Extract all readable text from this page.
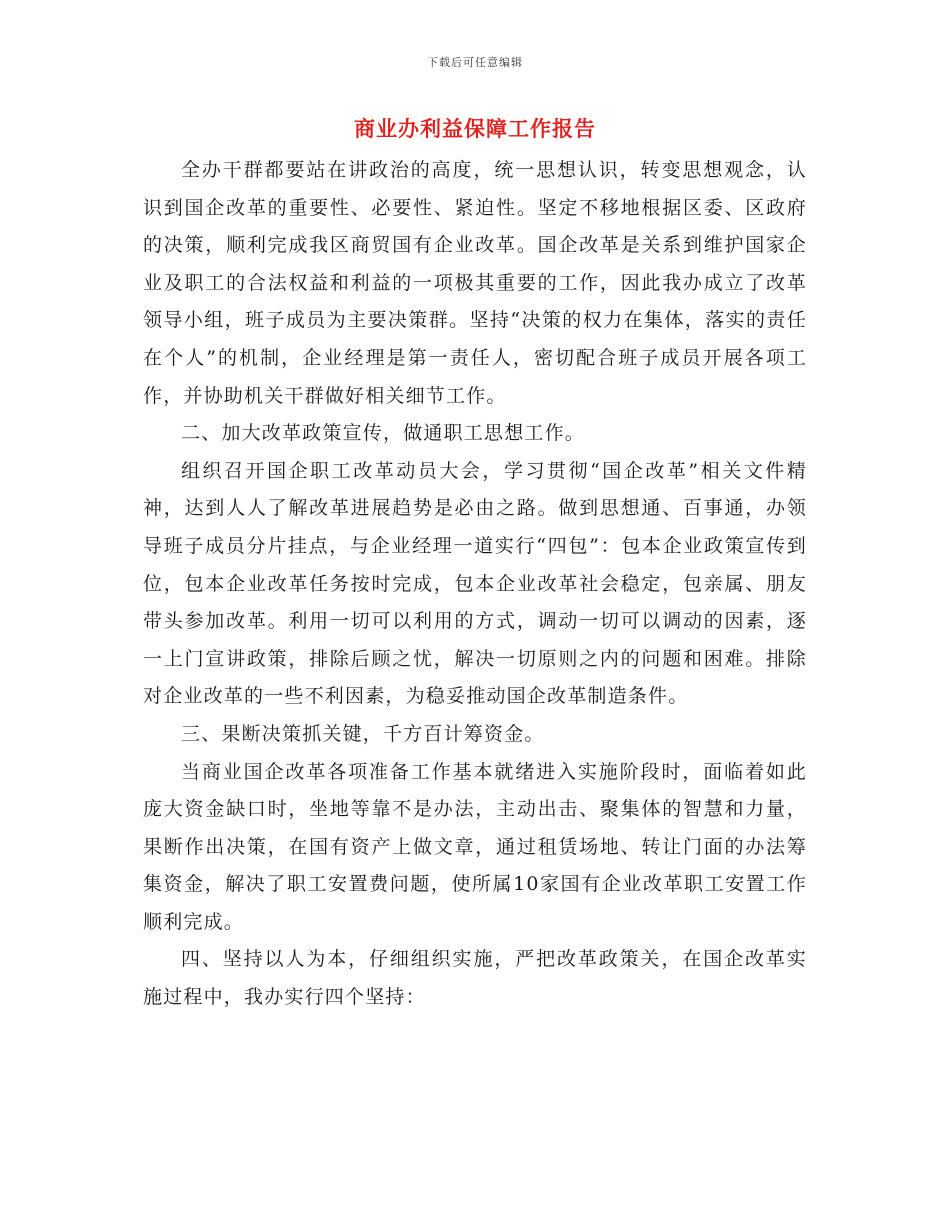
下载后可任意编辑
商业办利益保障工作报告

全办干群都要站在讲政治的高度，统一思想认识，转变思想观念，认识到国企改革的重要性、必要性、紧迫性。坚定不移地根据区委、区政府的决策，顺利完成我区商贸国有企业改革。国企改革是关系到维护国家企业及职工的合法权益和利益的一项极其重要的工作，因此我办成立了改革领导小组，班子成员为主要决策群。坚持“决策的权力在集体，落实的责任在个人”的机制，企业经理是第一责任人，密切配合班子成员开展各项工作，并协助机关干群做好相关细节工作。

二、加大改革政策宣传，做通职工思想工作。

组织召开国企职工改革动员大会，学习贯彻“国企改革”相关文件精神，达到人人了解改革进展趋势是必由之路。做到思想通、百事通，办领导班子成员分片挂点，与企业经理一道实行“四包”：包本企业政策宣传到位，包本企业改革任务按时完成，包本企业改革社会稳定，包亲属、朋友带头参加改革。利用一切可以利用的方式，调动一切可以调动的因素，逐一上门宣讲政策，排除后顾之忧，解决一切原则之内的问题和困难。排除对企业改革的一些不利因素，为稳妥推动国企改革制造条件。

三、果断决策抓关键，千方百计筹资金。

当商业国企改革各项准备工作基本就绪进入实施阶段时，面临着如此庞大资金缺口时，坐地等靠不是办法，主动出击、聚集体的智慧和力量，果断作出决策，在国有资产上做文章，通过租赁场地、转让门面的办法筹集资金，解决了职工安置费问题，使所属10家国有企业改革职工安置工作顺利完成。

四、坚持以人为本，仔细组织实施，严把改革政策关，在国企改革实施过程中，我办实行四个坚持：
